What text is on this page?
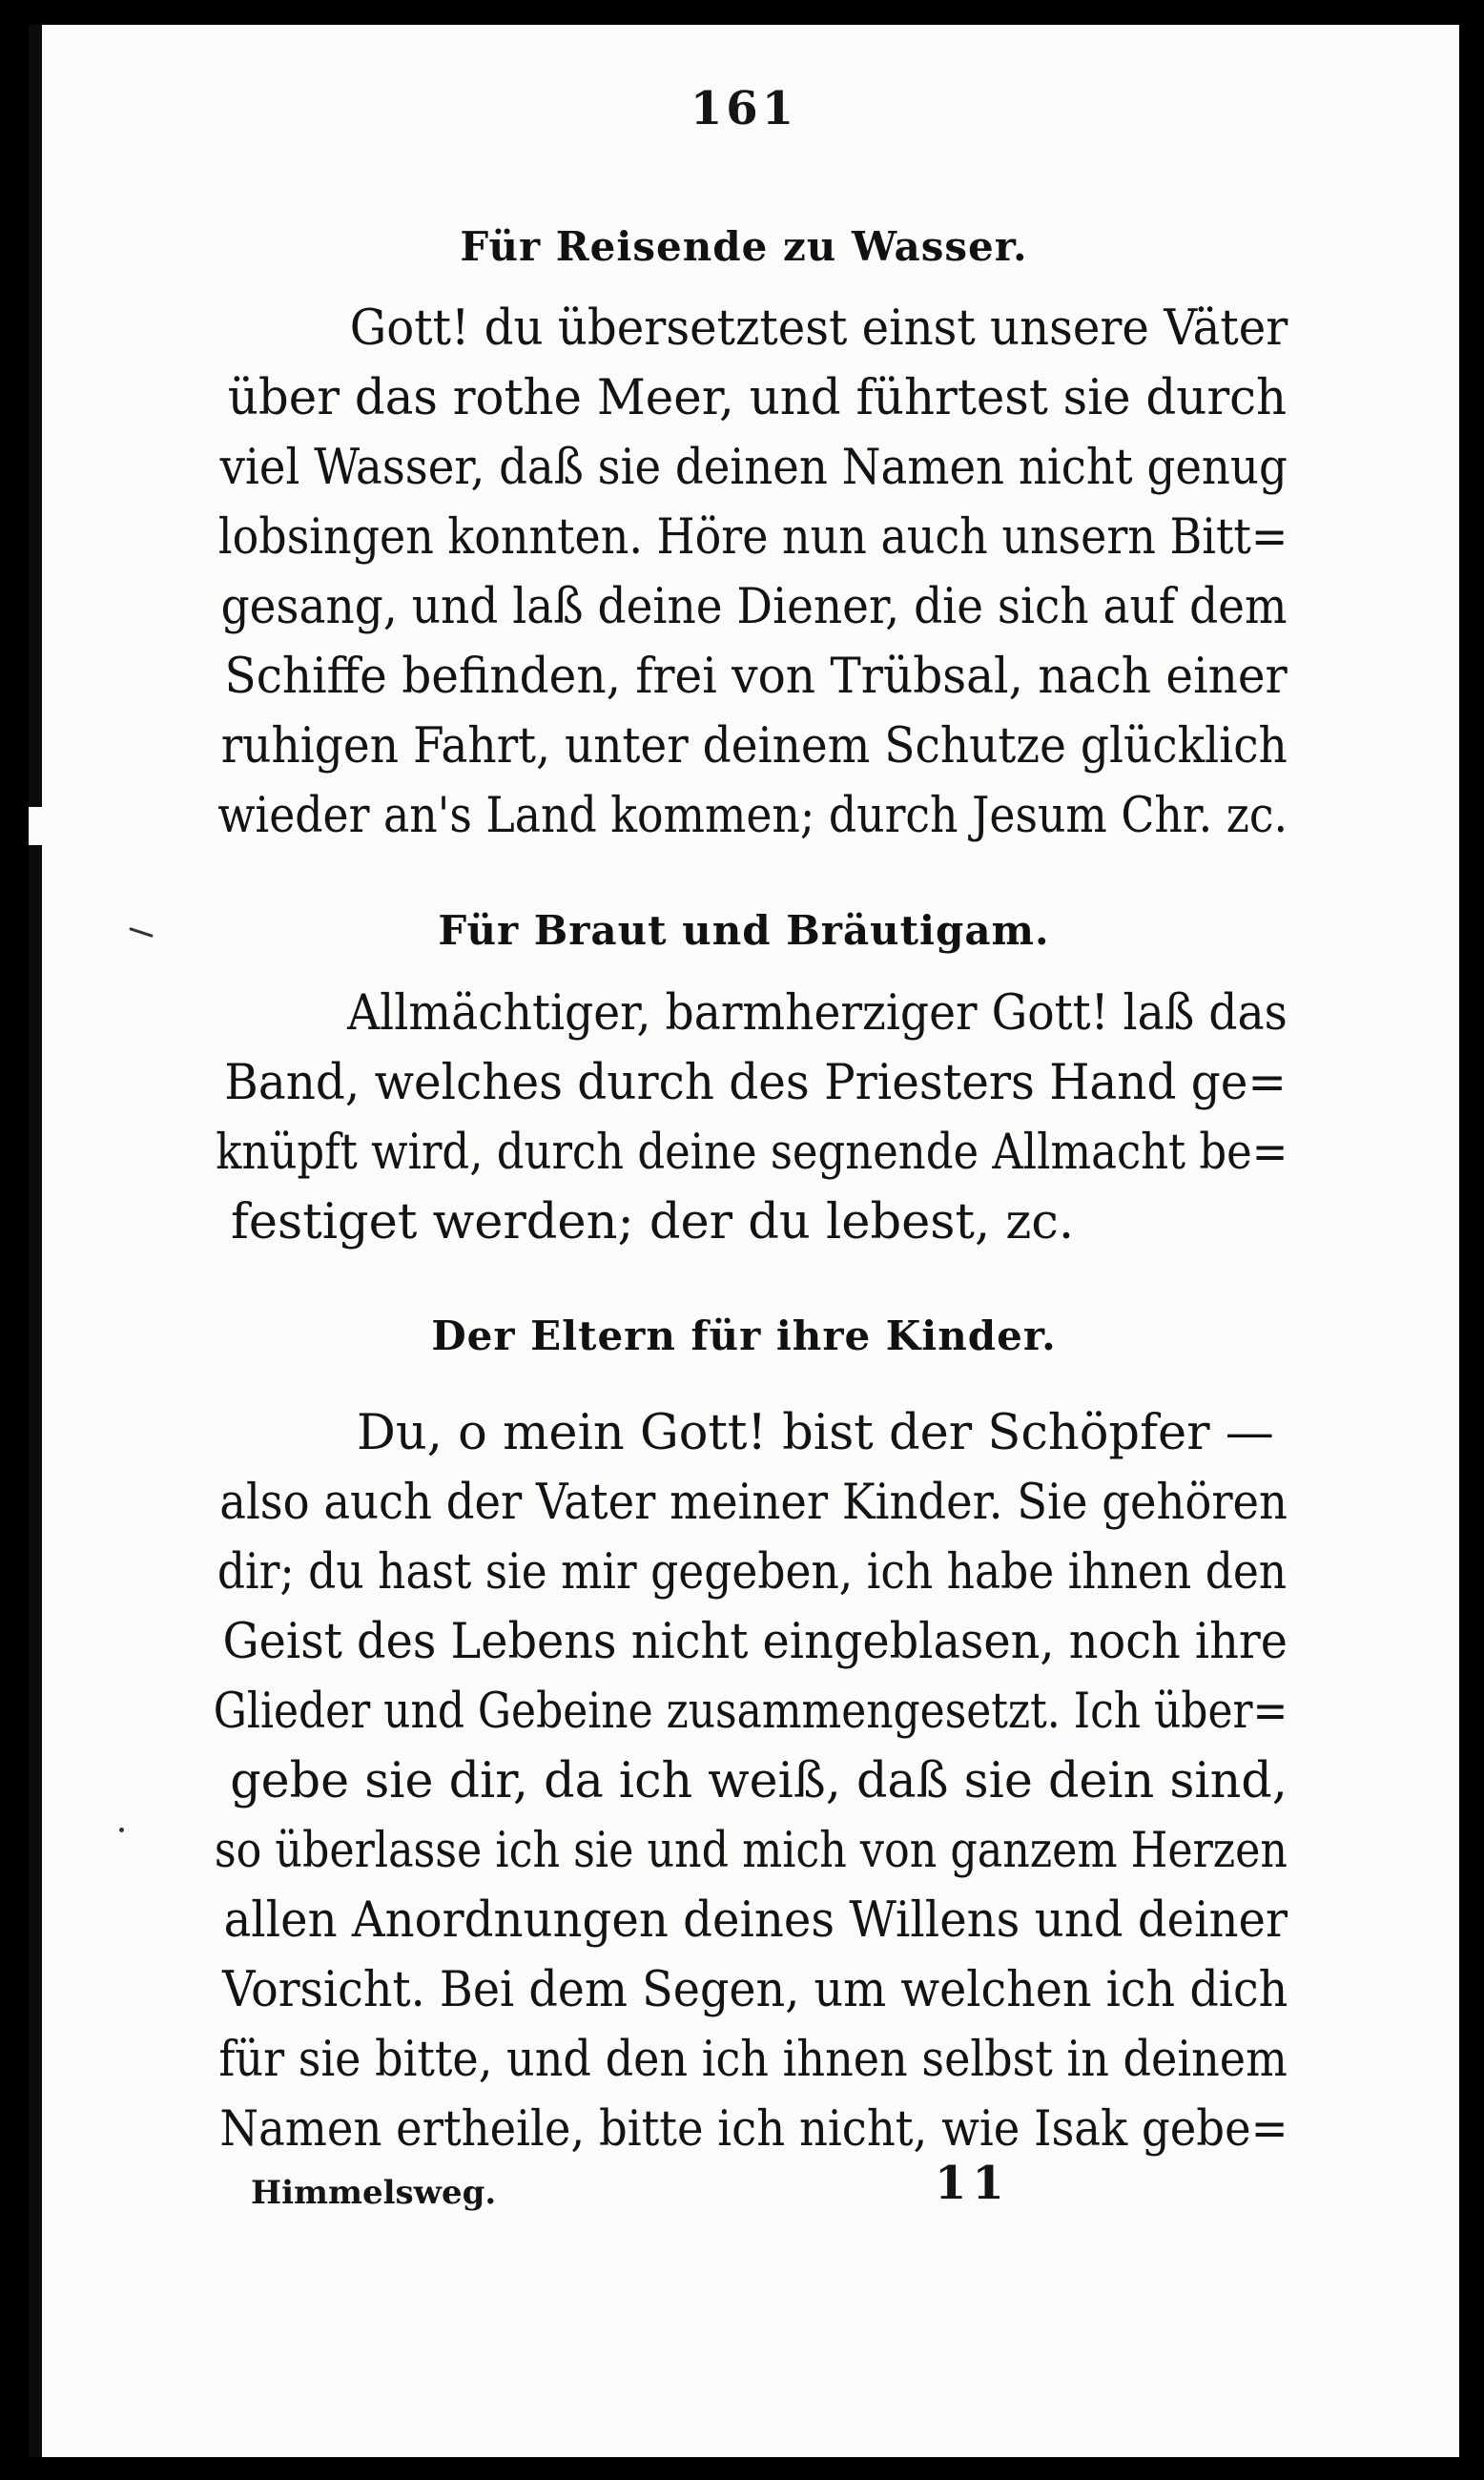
161
Für Reisende zu Wasser.
Gott! du übersetztest einst unsere Väter
über das rothe Meer, und führtest sie durch
viel Wasser, daß sie deinen Namen nicht genug
lobsingen konnten. Höre nun auch unsern Bitt=
gesang, und laß deine Diener, die sich auf dem
Schiffe befinden, frei von Trübsal, nach einer
ruhigen Fahrt, unter deinem Schutze glücklich
wieder an's Land kommen; durch Jesum Chr. zc.
Für Braut und Bräutigam.
Allmächtiger, barmherziger Gott! laß das
Band, welches durch des Priesters Hand ge=
knüpft wird, durch deine segnende Allmacht be=
festiget werden; der du lebest, zc.
Der Eltern für ihre Kinder.
Du, o mein Gott! bist der Schöpfer —
also auch der Vater meiner Kinder. Sie gehören
dir; du hast sie mir gegeben, ich habe ihnen den
Geist des Lebens nicht eingeblasen, noch ihre
Glieder und Gebeine zusammengesetzt. Ich über=
gebe sie dir, da ich weiß, daß sie dein sind,
so überlasse ich sie und mich von ganzem Herzen
allen Anordnungen deines Willens und deiner
Vorsicht. Bei dem Segen, um welchen ich dich
für sie bitte, und den ich ihnen selbst in deinem
Namen ertheile, bitte ich nicht, wie Isak gebe=
Himmelsweg.	11
